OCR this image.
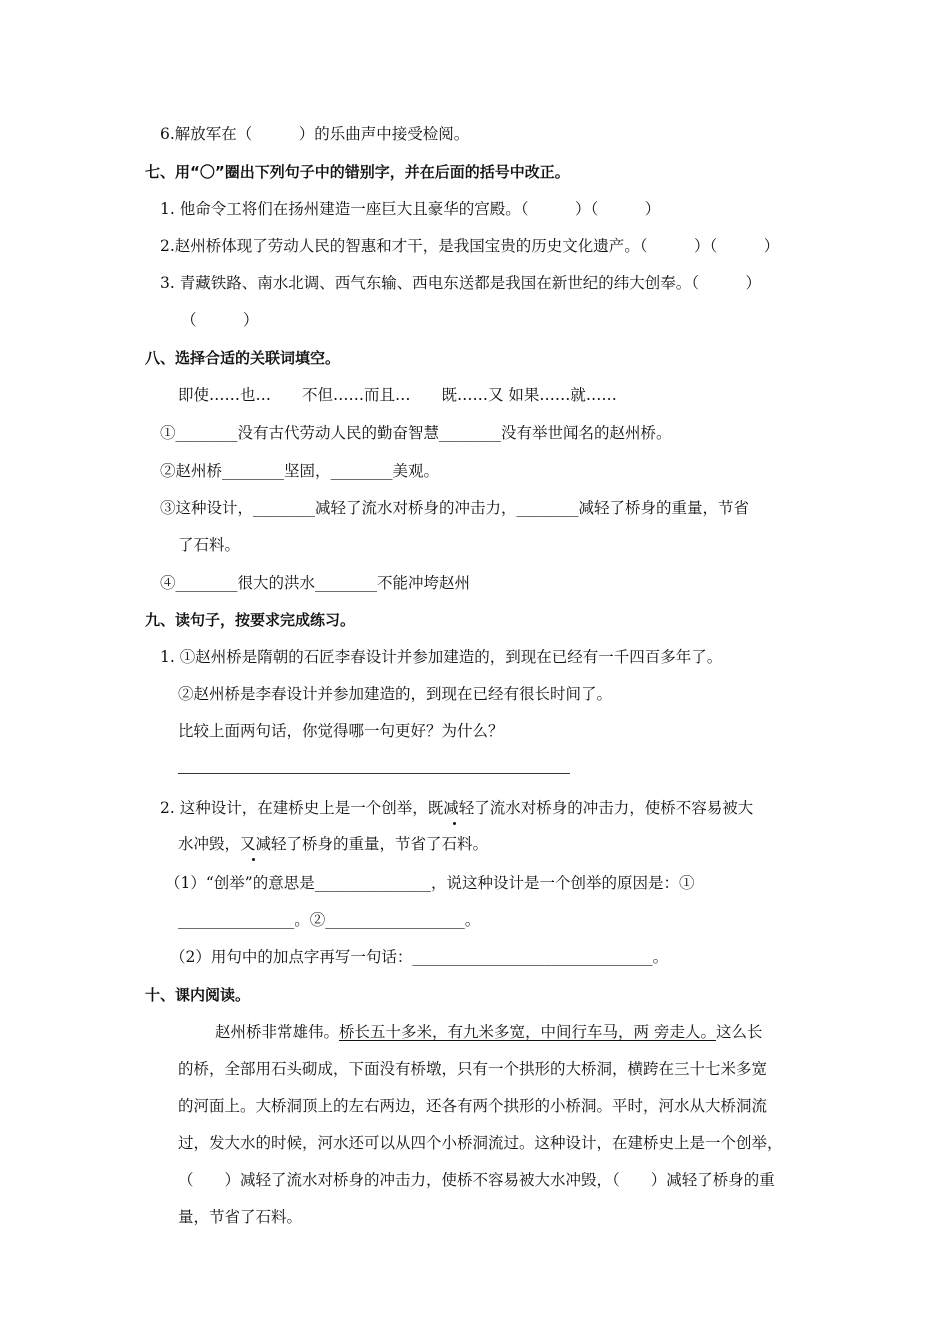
6.解放军在（　　　）的乐曲声中接受检阅。
七、用“〇”圈出下列句子中的错别字，并在后面的括号中改正。
1. 他命令工将们在扬州建造一座巨大且豪华的宫殿。（　　　）（　　　）
2.赵州桥体现了劳动人民的智惠和才干，是我国宝贵的历史文化遗产。（　　　）（　　　）
3. 青藏铁路、南水北调、西气东输、西电东送都是我国在新世纪的纬大创奉。（　　　）
（　　　）
八、选择合适的关联词填空。
即使……也…　　不但……而且…　　既……又 如果……就……
①________没有古代劳动人民的勤奋智慧________没有举世闻名的赵州桥。
②赵州桥________坚固，________美观。
③这种设计，________减轻了流水对桥身的冲击力，________减轻了桥身的重量，节省
了石料。
④________很大的洪水________不能冲垮赵州
九、读句子，按要求完成练习。
1. ①赵州桥是隋朝的石匠李春设计并参加建造的，到现在已经有一千四百多年了。
②赵州桥是李春设计并参加建造的，到现在已经有很长时间了。
比较上面两句话，你觉得哪一句更好？为什么？
2. 这种设计，在建桥史上是一个创举，既减轻了流水对桥身的冲击力，使桥不容易被大
水冲毁，又减轻了桥身的重量，节省了石料。
（1）“创举”的意思是_______________，说这种设计是一个创举的原因是：①
_______________。②__________________。
（2）用句中的加点字再写一句话：_______________________________。
十、课内阅读。
赵州桥非常雄伟。桥长五十多米，有九米多宽，中间行车马，两 旁走人。这么长
的桥，全部用石头砌成，下面没有桥墩，只有一个拱形的大桥洞，横跨在三十七米多宽
的河面上。大桥洞顶上的左右两边，还各有两个拱形的小桥洞。平时，河水从大桥洞流
过，发大水的时候，河水还可以从四个小桥洞流过。这种设计，在建桥史上是一个创举，
（　　）减轻了流水对桥身的冲击力，使桥不容易被大水冲毁，（　　）减轻了桥身的重
量，节省了石料。
